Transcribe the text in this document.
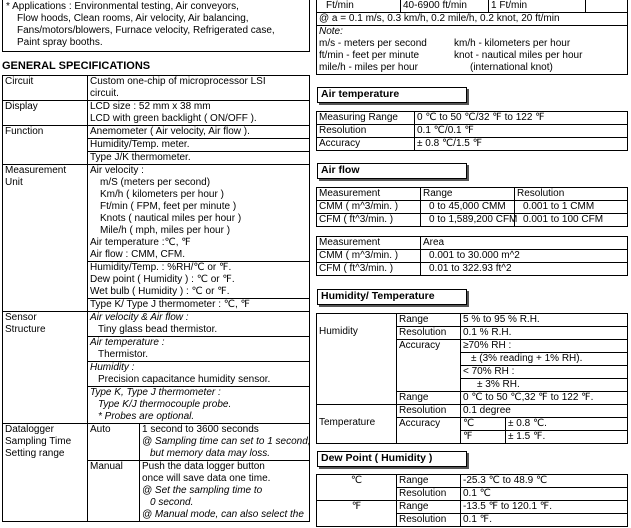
* Applications : Environmental testing, Air conveyors,
Flow hoods, Clean rooms, Air velocity, Air balancing,
Fans/motors/blowers, Furnace velocity, Refrigerated case,
Paint spray booths.
GENERAL SPECIFICATIONS
Circuit	Custom one-chip of microprocessor LSI
circuit.	

Display	LCD size : 52 mm x 38 mm
LCD with green backlight ( ON/OFF ).	

Function	Anemometer ( Air velocity, Air flow ).	
	Humidity/Temp. meter.	
	Type J/K thermometer.	

Measurement
Unit

Air velocity :
m/S (meters per second)
Km/h ( kilometers per hour )
Ft/min ( FPM, feet per minute )
Knots ( nautical miles per hour )
Mile/h ( mph, miles per hour )
Air temperature :℃, ℉
Air flow : CMM, CFM.

	Humidity/Temp. : %RH/℃ or ℉.
Dew point ( Humidity ) : ℃ or ℉.
Wet bulb ( Humidity ) : ℃ or ℉.	

	Type K/ Type J thermometer : ℃, ℉	

Sensor
Structure

Air velocity & Air flow :
Tiny glass bead thermistor.

	Air temperature :
Thermistor.	

	Humidity :
Precision capacitance humidity sensor.	

	Type K, Type J thermometer :
Type K/J thermocouple probe.
* Probes are optional.	

Datalogger
Sampling Time
Setting range
	Auto	1 second to 3600 seconds
@ Sampling time can set to 1 second,
but memory data may loss.

	Manual	Push the data logger button
once will save data one time.
@ Set the sampling time to
0 second.
@ Manual mode, can also select the
Ft/min	40-6900 ft/min	1 Ft/min	
@ a = 0.1 m/s, 0.3 km/h, 0.2 mile/h, 0.2 knot, 20 ft/min

Note:
m/s - meters per second	km/h - kilometers per hour
ft/min - feet per minute	knot - nautical miles per hour
mile/h - miles per hour	(international knot)
Air temperature
Measuring Range	0 ℃ to 50 ℃/32 ℉ to 122 ℉
Resolution	0.1 ℃/0.1 ℉
Accuracy	± 0.8 ℃/1.5 ℉
Air flow
Measurement	Range	Resolution
CMM ( m^3/min. )	0 to 45,000 CMM	0.001 to 1 CMM
CFM ( ft^3/min. )	0 to 1,589,200 CFM	0.001 to 100 CFM
Measurement	Area
CMM ( m^3/min. )	0.001 to 30.000 m^2
CFM ( ft^3/min. )	0.01 to 322.93 ft^2
Humidity/ Temperature
Humidity	Range	5 % to 95 % R.H.	
	Resolution	0.1 % R.H.	
	Accuracy	≥70% RH :	
		± (3% reading + 1% RH).	
		< 70% RH :	
		± 3% RH.	
	Range	0 ℃ to 50 ℃,32 ℉ to 122 ℉.	
Temperature	Resolution	0.1 degree	
	Accuracy	℃	± 0.8 ℃.
		℉	± 1.5 ℉.
Dew Point ( Humidity )
℃	Range	-25.3 ℃ to 48.9 ℃
	Resolution	0.1 ℃
℉	Range	-13.5 ℉ to 120.1 ℉.
	Resolution	0.1 ℉.
